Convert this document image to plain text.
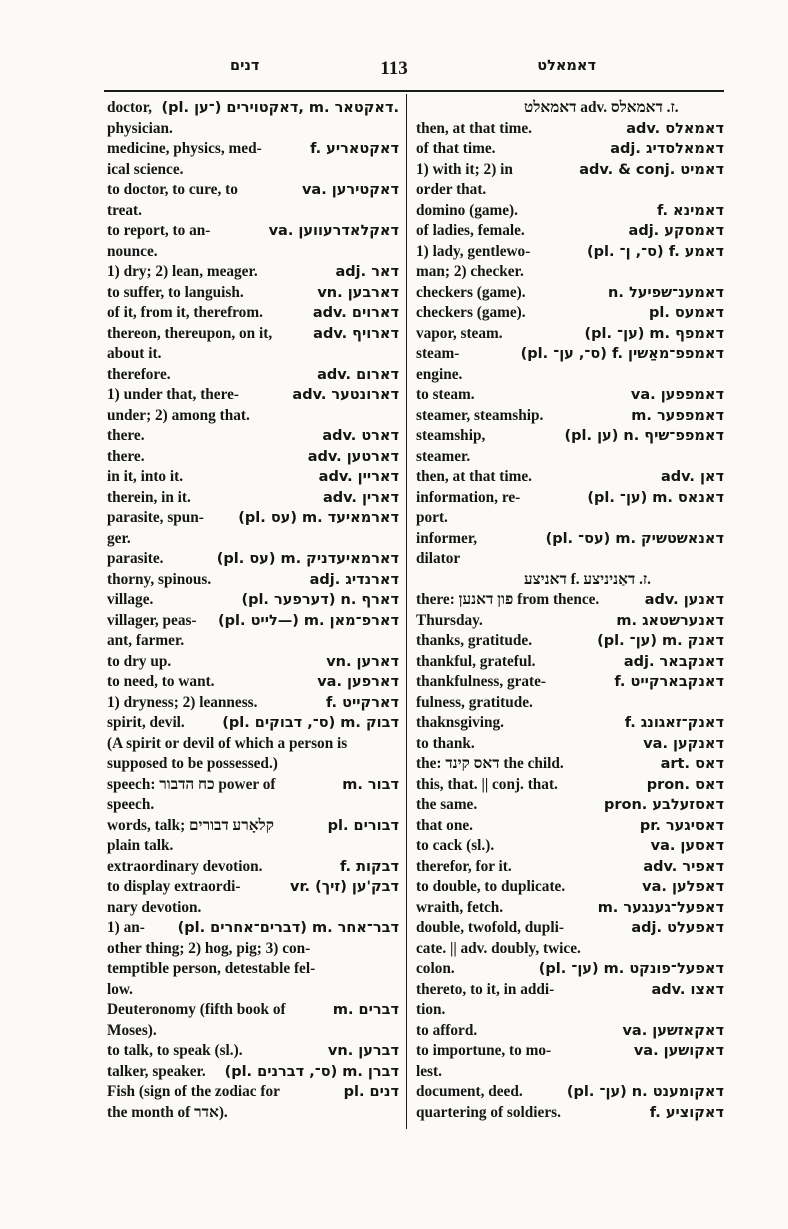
דנים	113	דאמאלט
doctor, (pl. דאקטוירים (־ען, m. דאקטאר.
physician.
medicine, physics, med-	f. דאקטאריע
ical science.
to doctor, to cure, to	va. דאקטירען
treat.
to report, to an-	va. דאקלאדרעווען
nounce.
1) dry; 2) lean, meager.	adj. דאר
to suffer, to languish.	vn. דארבען
of it, from it, therefrom.	adv. דארוים
thereon, thereupon, on it,	adv. דארויף
about it.
therefore.	adv. דארום
1) under that, there-	adv. דארונטער
under; 2) among that.
there.	adv. דארט
there.	adv. דארטען
in it, into it.	adv. דאריין
therein, in it.	adv. דארין
parasite, spun-	(pl. עס) m. דארמאיעד
ger.
parasite.	(pl. עס) m. דארמאיעדניק
thorny, spinous.	adj. דארנדיג
village.	(pl. דערפער) n. דארף
villager, peas-	(pl. לייט—) m. דארפ־מאן
ant, farmer.
to dry up.	vn. דארען
to need, to want.	va. דארפען
1) dryness; 2) leanness.	f. דארקייט
spirit, devil.	(pl. ס־, דבוקים) m. דבוק
(A spirit or devil of which a person is
supposed to be possessed.)
speech: כח הדבור power of	m. דבור
speech.
words, talk; קלאָרע דבורים	pl. דבורים
plain talk.
extraordinary devotion.	f. דבקות
to display extraordi-	vr. (זיך) דבק'ען
nary devotion.
1) an-	(pl. דברים־אחרים) m. דבר־אחר
other thing; 2) hog, pig; 3) con-
temptible person, detestable fel-
low.
Deuteronomy (fifth book of	m. דברים
Moses).
to talk, to speak (sl.).	vn. דברען
talker, speaker.	(pl. ס־, דברנים) m. דברן
Fish (sign of the zodiac for	pl. דנים
the month of אדר).
דאמאלט adv. ז. דאמאלס.
then, at that time.	adv. דאמאלס
of that time.	adj. דאמאלסדיג
1) with it; 2) in	adv. & conj. דאמיט
order that.
domino (game).	f. דאמינא
of ladies, female.	adj. דאמסקע
1) lady, gentlewo-	(pl. ס־, ן־) f. דאמע
man; 2) checker.
checkers (game).	n. דאמענ־שפיעל
checkers (game).	pl. דאמעס
vapor, steam.	(pl. ען־) m. דאמפף
steam-	(pl. ס־, ען־) f. דאמפפ־מאַשין
engine.
to steam.	va. דאמפפען
steamer, steamship.	m. דאמפפער
steamship,	(pl. ען) n. דאמפפ־שיף
steamer.
then, at that time.	adv. דאן
information, re-	(pl. ען־) m. דאנאס
port.
informer,	(pl. עס־) m. דאנאשטשיק
dilator
דאניצע f. ז. דאַניניצע.
there: פון דאנען from thence.	adv. דאנען
Thursday.	m. דאנערשטאג
thanks, gratitude.	(pl. ען־) m. דאנק
thankful, grateful.	adj. דאנקבאר
thankfulness, grate-	f. דאנקבארקייט
fulness, gratitude.
thaknsgiving.	f. דאנק־זאגונג
to thank.	va. דאנקען
the: דאס קינד the child.	art. דאס
this, that. || conj. that.	pron. דאס
the same.	pron. דאסזעלבע
that one.	pr. דאסיגער
to cack (sl.).	va. דאסען
therefor, for it.	adv. דאפיר
to double, to duplicate.	va. דאפלען
wraith, fetch.	m. דאפעל־גענגער
double, twofold, dupli-	adj. דאפעלט
cate. || adv. doubly, twice.
colon.	(pl. ען־) m. דאפעל־פונקט
thereto, to it, in addi-	adv. דאצו
tion.
to afford.	va. דאקאזשען
to importune, to mo-	va. דאקושען
lest.
document, deed.	(pl. ען־) n. דאקומענט
quartering of soldiers.	f. דאקוציע
